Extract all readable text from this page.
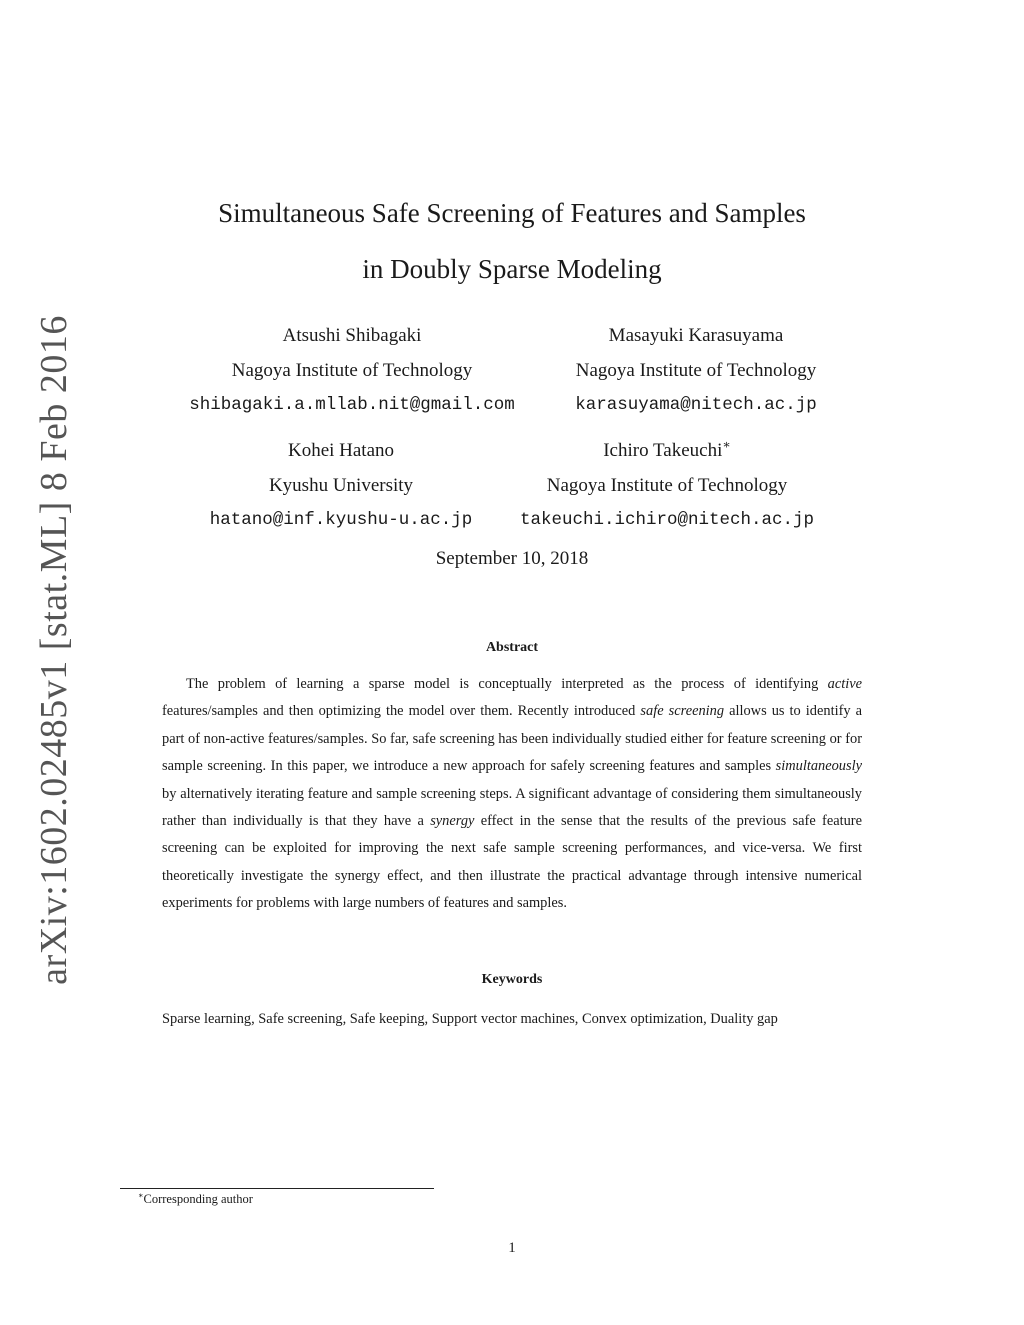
arXiv:1602.02485v1 [stat.ML] 8 Feb 2016
Simultaneous Safe Screening of Features and Samples
in Doubly Sparse Modeling
Atsushi Shibagaki
Nagoya Institute of Technology
shibagaki.a.mllab.nit@gmail.com
Masayuki Karasuyama
Nagoya Institute of Technology
karasuyama@nitech.ac.jp
Kohei Hatano
Kyushu University
hatano@inf.kyushu-u.ac.jp
Ichiro Takeuchi∗
Nagoya Institute of Technology
takeuchi.ichiro@nitech.ac.jp
September 10, 2018
Abstract

The problem of learning a sparse model is conceptually interpreted as the process of identifying active features/samples and then optimizing the model over them. Recently introduced safe screening allows us to identify a part of non-active features/samples. So far, safe screening has been individually studied either for feature screening or for sample screening. In this paper, we introduce a new approach for safely screening features and samples simultaneously by alternatively iterating feature and sample screening steps. A significant advantage of considering them simultaneously rather than individually is that they have a synergy effect in the sense that the results of the previous safe feature screening can be exploited for improving the next safe sample screening performances, and vice-versa. We first theoretically investigate the synergy effect, and then illustrate the practical advantage through intensive numerical experiments for problems with large numbers of features and samples.

Keywords

Sparse learning, Safe screening, Safe keeping, Support vector machines, Convex optimization, Duality gap

∗Corresponding author
1
